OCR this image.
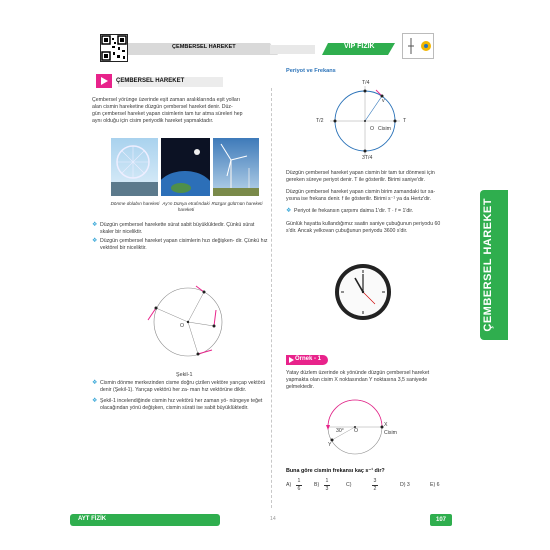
ÇEMBERSEL HAREKET	VIP FİZİK
ÇEMBERSEL HAREKET
Çembersel yörünge üzerinde eşit zaman aralıklarında eşit yolları
alan cismin hareketine düzgün çembersel hareket denir. Düz-
gün çembersel hareket yapan cisimlerin tam tur atma süreleri hep
aynı olduğu için cisim periyodik hareket yapmaktadır.
Dönme dolabın hareketi Ay'ın Dünya etrafındaki hareketi
Rüzgar gülü'nün hareketi
❖ Düzgün çembersel harekette sürat sabit büyüklüktedir. Çünkü sürat skaler bir niceliktir.
❖ Düzgün çembersel hareket yapan cisimlerin hızı değişken- dir. Çünkü hız vektörel bir niceliktir.
O
Şekil-1
❖ Cismin dönme merkezinden cisme doğru çizilen vektöre yarıçap vektörü denir (Şekil-1). Yarıçap vektörü her za- man hız vektörüne diktir.
❖ Şekil-1 incelendiğinde cismin hız vektörü her zaman yö- nüngeye teğet olacağından yönü değişken, cismin sürati ise sabit büyüklüktedir.
Periyot ve Frekans
T/4
T/2	T
3T/4
Cisim
O
v
Düzgün çembersel hareket yapan cismin bir tam tur dönmesi için
gereken süreye periyot denir. T ile gösterilir. Birimi saniye'dir.
Düzgün çembersel hareket yapan cismin birim zamandaki tur sa-
yısına ise frekans denir. f ile gösterilir. Birimi s⁻¹ ya da Hertz'dir.
❖ Periyot ile frekansın çarpımı daima 1'dir. T · f = 1'dir.
Günlük hayatta kullandığımız saatin saniye çubuğunun periyodu 60
s'dir. Ancak yelkovan çubuğunun periyodu 3600 s'dir.
Örnek - 1
Yatay düzlem üzerinde ok yönünde düzgün çembersel hareket
yapmakta olan cisim X noktasından Y noktasına 3,5 saniyede
gelmektedir.
30° O
X
Cisim
Y
Buna göre cismin frekansı kaç s⁻¹ dir?
A)
1
6
B)
1
3
C)
3
2
D) 3	E) 6
ÇEMBERSEL HAREKET
AYT FİZİK	14	107
